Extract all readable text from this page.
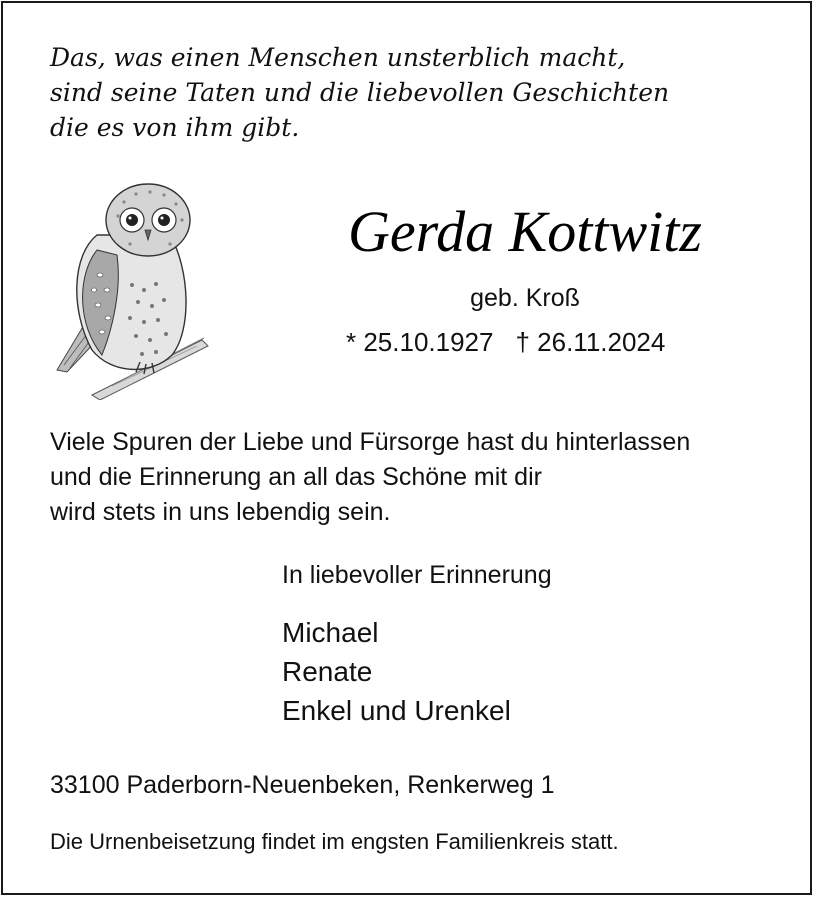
Das, was einen Menschen unsterblich macht,
sind seine Taten und die liebevollen Geschichten
die es von ihm gibt.
Gerda Kottwitz
geb. Kroß
* 25.10.1927 † 26.11.2024
Viele Spuren der Liebe und Fürsorge hast du hinterlassen
und die Erinnerung an all das Schöne mit dir
wird stets in uns lebendig sein.
In liebevoller Erinnerung
Michael
Renate
Enkel und Urenkel
33100 Paderborn-Neuenbeken, Renkerweg 1
Die Urnenbeisetzung findet im engsten Familienkreis statt.
